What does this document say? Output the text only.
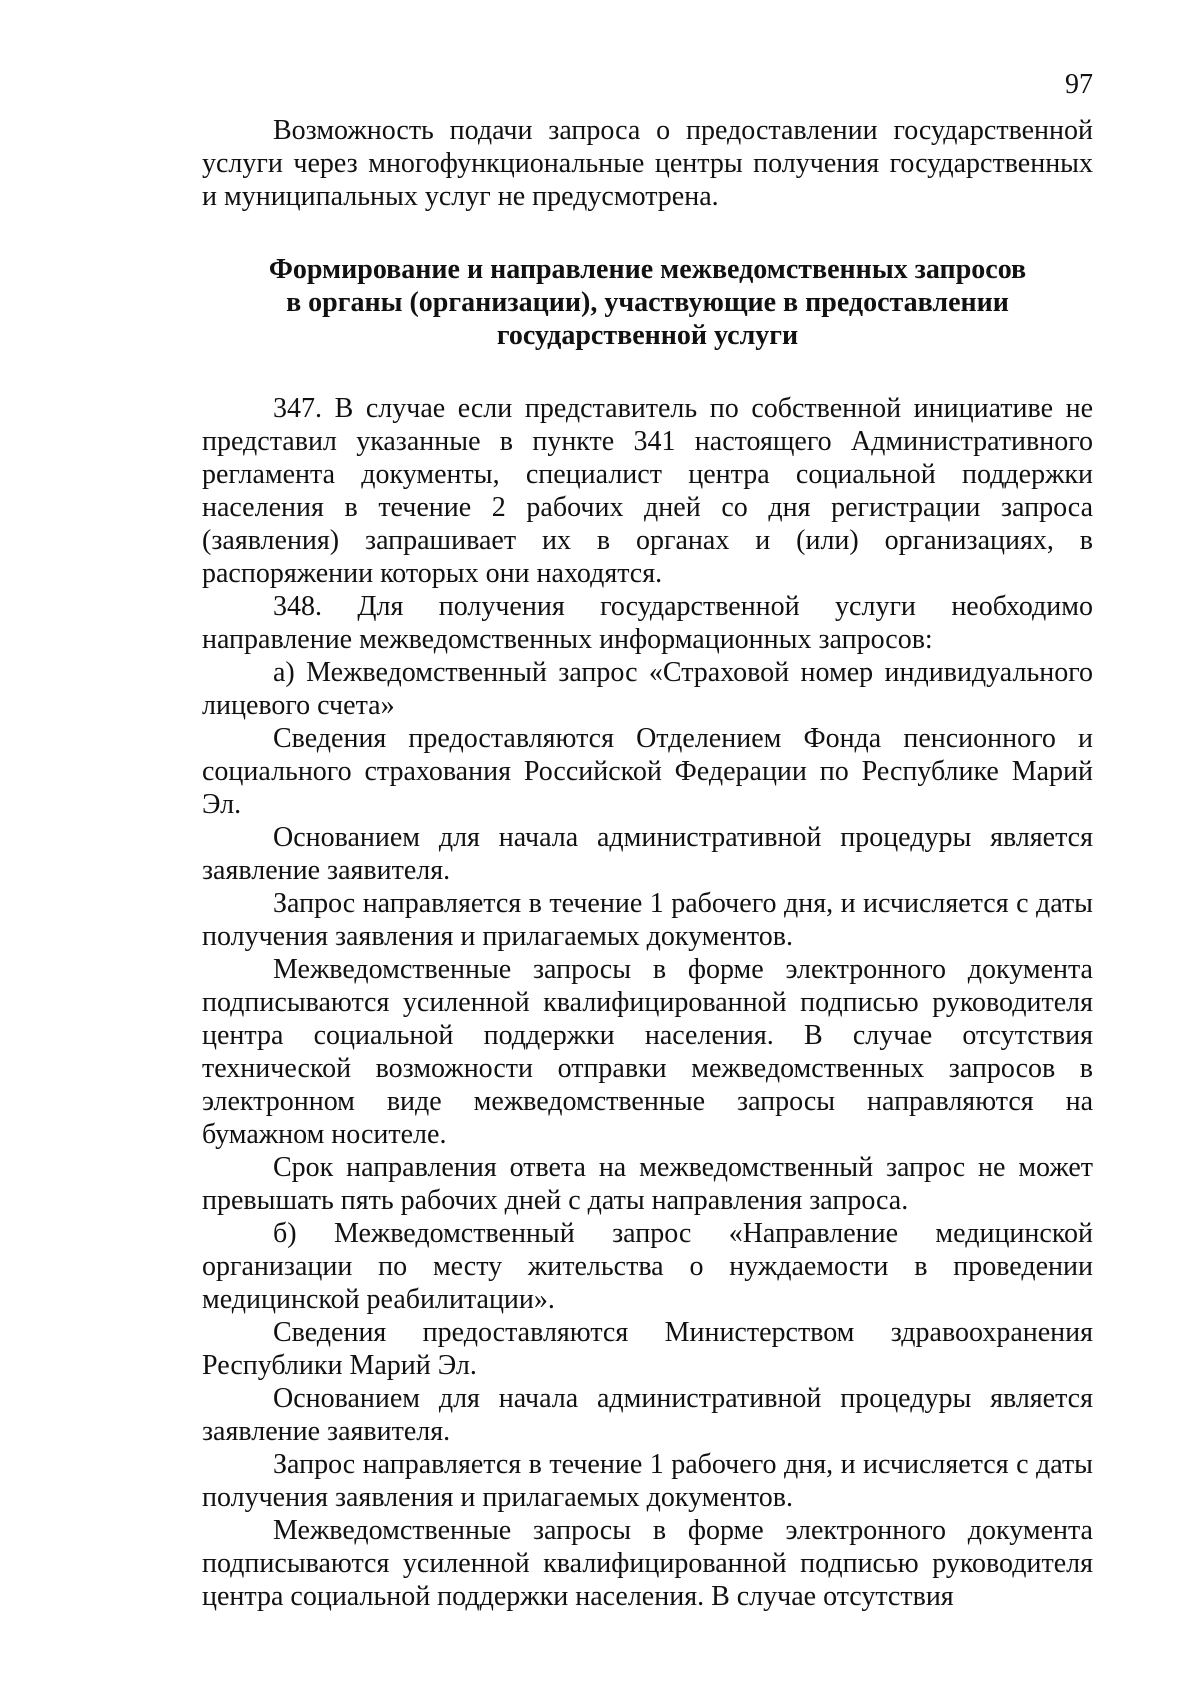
97

Возможность подачи запроса о предоставлении государственной услуги через многофункциональные центры получения государственных и муниципальных услуг не предусмотрена.

Формирование и направление межведомственных запросов
в органы (организации), участвующие в предоставлении
государственной услуги

347. В случае если представитель по собственной инициативе не представил указанные в пункте 341 настоящего Административного регламента документы, специалист центра социальной поддержки населения в течение 2 рабочих дней со дня регистрации запроса (заявления) запрашивает их в органах и (или) организациях, в распоряжении которых они находятся.

348. Для получения государственной услуги необходимо направление межведомственных информационных запросов:

а) Межведомственный запрос «Страховой номер индивидуального лицевого счета»

Сведения предоставляются Отделением Фонда пенсионного и социального страхования Российской Федерации по Республике Марий Эл.

Основанием для начала административной процедуры является заявление заявителя.

Запрос направляется в течение 1 рабочего дня, и исчисляется с даты получения заявления и прилагаемых документов.

Межведомственные запросы в форме электронного документа подписываются усиленной квалифицированной подписью руководителя центра социальной поддержки населения. В случае отсутствия технической возможности отправки межведомственных запросов в электронном виде межведомственные запросы направляются на бумажном носителе.

Срок направления ответа на межведомственный запрос не может превышать пять рабочих дней с даты направления запроса.

б) Межведомственный запрос «Направление медицинской организации по месту жительства о нуждаемости в проведении медицинской реабилитации».

Сведения предоставляются Министерством здравоохранения Республики Марий Эл.

Основанием для начала административной процедуры является заявление заявителя.

Запрос направляется в течение 1 рабочего дня, и исчисляется с даты получения заявления и прилагаемых документов.

Межведомственные запросы в форме электронного документа подписываются усиленной квалифицированной подписью руководителя центра социальной поддержки населения. В случае отсутствия
